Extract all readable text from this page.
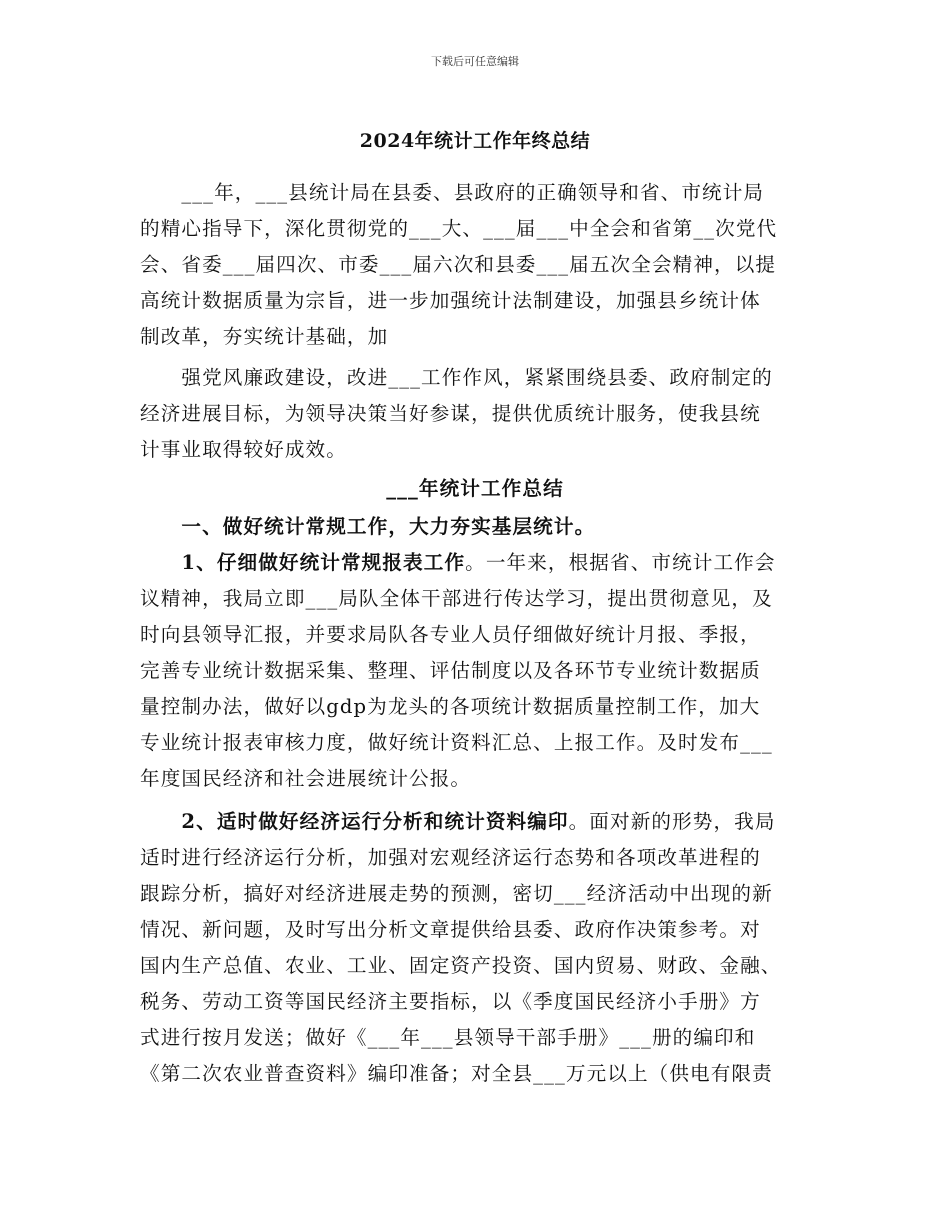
下载后可任意编辑
2024年统计工作年终总结
　　___年，___县统计局在县委、县政府的正确领导和省、市统计局
的精心指导下，深化贯彻党的___大、___届___中全会和省第__次党代
会、省委___届四次、市委___届六次和县委___届五次全会精神，以提
高统计数据质量为宗旨，进一步加强统计法制建设，加强县乡统计体
制改革，夯实统计基础，加
　　强党风廉政建设，改进___工作作风，紧紧围绕县委、政府制定的
经济进展目标，为领导决策当好参谋，提供优质统计服务，使我县统
计事业取得较好成效。
___年统计工作总结
　　一、做好统计常规工作，大力夯实基层统计。
　　1、仔细做好统计常规报表工作。一年来，根据省、市统计工作会
议精神，我局立即___局队全体干部进行传达学习，提出贯彻意见，及
时向县领导汇报，并要求局队各专业人员仔细做好统计月报、季报，
完善专业统计数据采集、整理、评估制度以及各环节专业统计数据质
量控制办法，做好以gdp为龙头的各项统计数据质量控制工作，加大
专业统计报表审核力度，做好统计资料汇总、上报工作。及时发布___
年度国民经济和社会进展统计公报。
　　2、适时做好经济运行分析和统计资料编印。面对新的形势，我局
适时进行经济运行分析，加强对宏观经济运行态势和各项改革进程的
跟踪分析，搞好对经济进展走势的预测，密切___经济活动中出现的新
情况、新问题，及时写出分析文章提供给县委、政府作决策参考。对
国内生产总值、农业、工业、固定资产投资、国内贸易、财政、金融、
税务、劳动工资等国民经济主要指标，以《季度国民经济小手册》方
式进行按月发送；做好《___年___县领导干部手册》___册的编印和
《第二次农业普查资料》编印准备；对全县___万元以上（供电有限责
